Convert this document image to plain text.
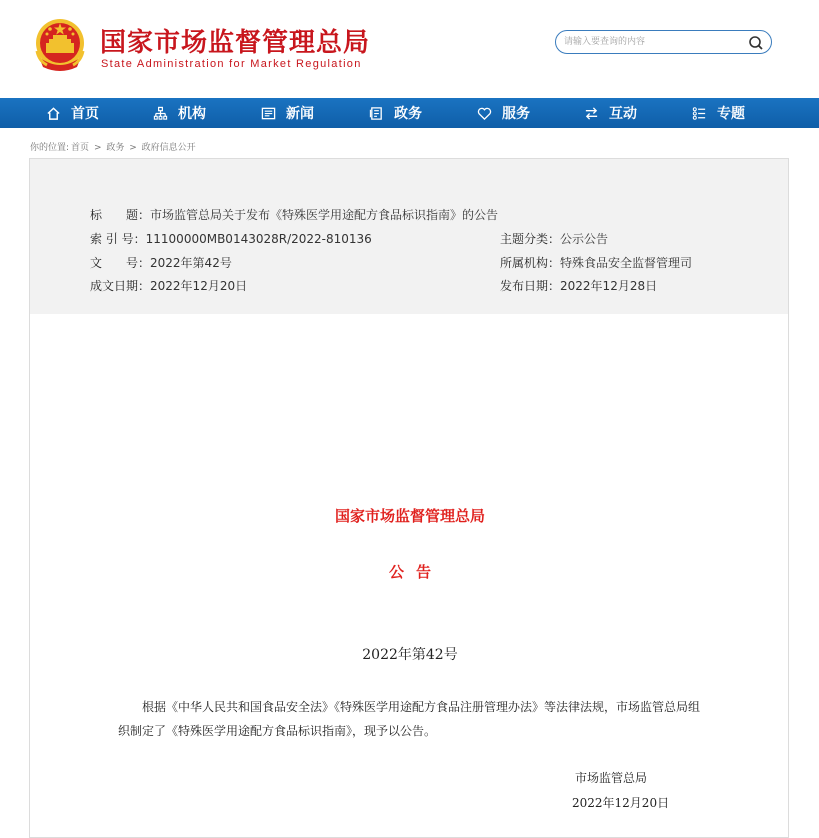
国家市场监督管理总局
State Administration for Market Regulation
请输入要查询的内容
首页	机构	新闻	政务	服务	互动	专题
你的位置: 首页 > 政务 > 政府信息公开
标　　题：市场监管总局关于发布《特殊医学用途配方食品标识指南》的公告
索 引 号：11100000MB0143028R/2022-810136	主题分类：公示公告
文　　号：2022年第42号	所属机构：特殊食品安全监督管理司
成文日期：2022年12月20日	发布日期：2022年12月28日
国家市场监督管理总局
公告
2022年第42号
根据《中华人民共和国食品安全法》《特殊医学用途配方食品注册管理办法》等法律法规，市场监管总局组织制定了《特殊医学用途配方食品标识指南》，现予以公告。
市场监管总局
2022年12月20日
